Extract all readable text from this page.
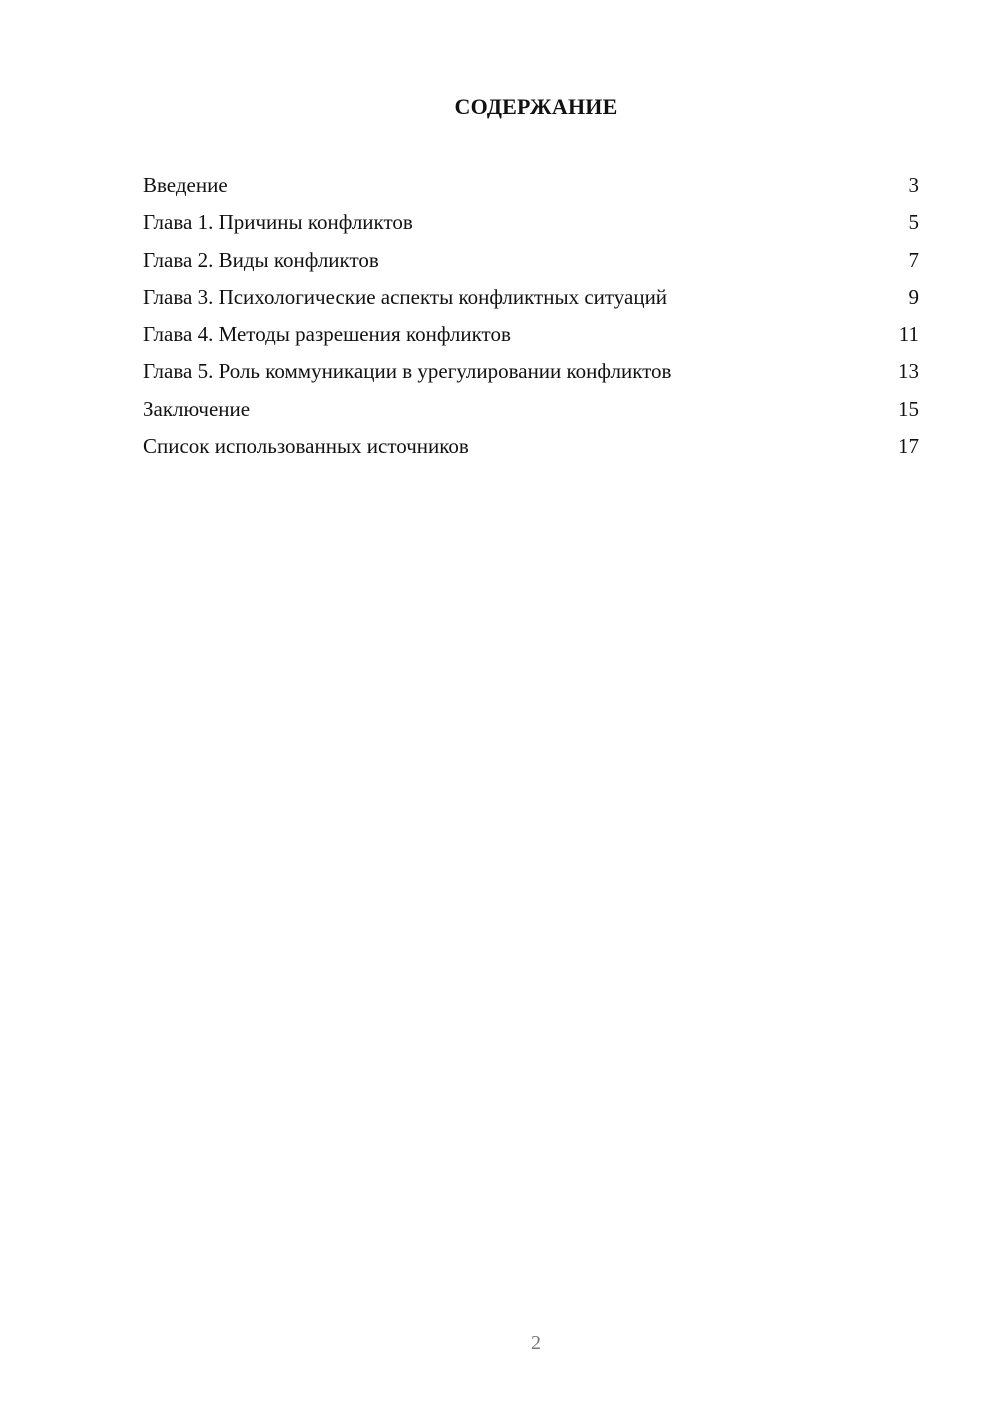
СОДЕРЖАНИЕ
Введение	3
Глава 1. Причины конфликтов	5
Глава 2. Виды конфликтов	7
Глава 3. Психологические аспекты конфликтных ситуаций	9
Глава 4. Методы разрешения конфликтов	11
Глава 5. Роль коммуникации в урегулировании конфликтов	13
Заключение	15
Список использованных источников	17
2
